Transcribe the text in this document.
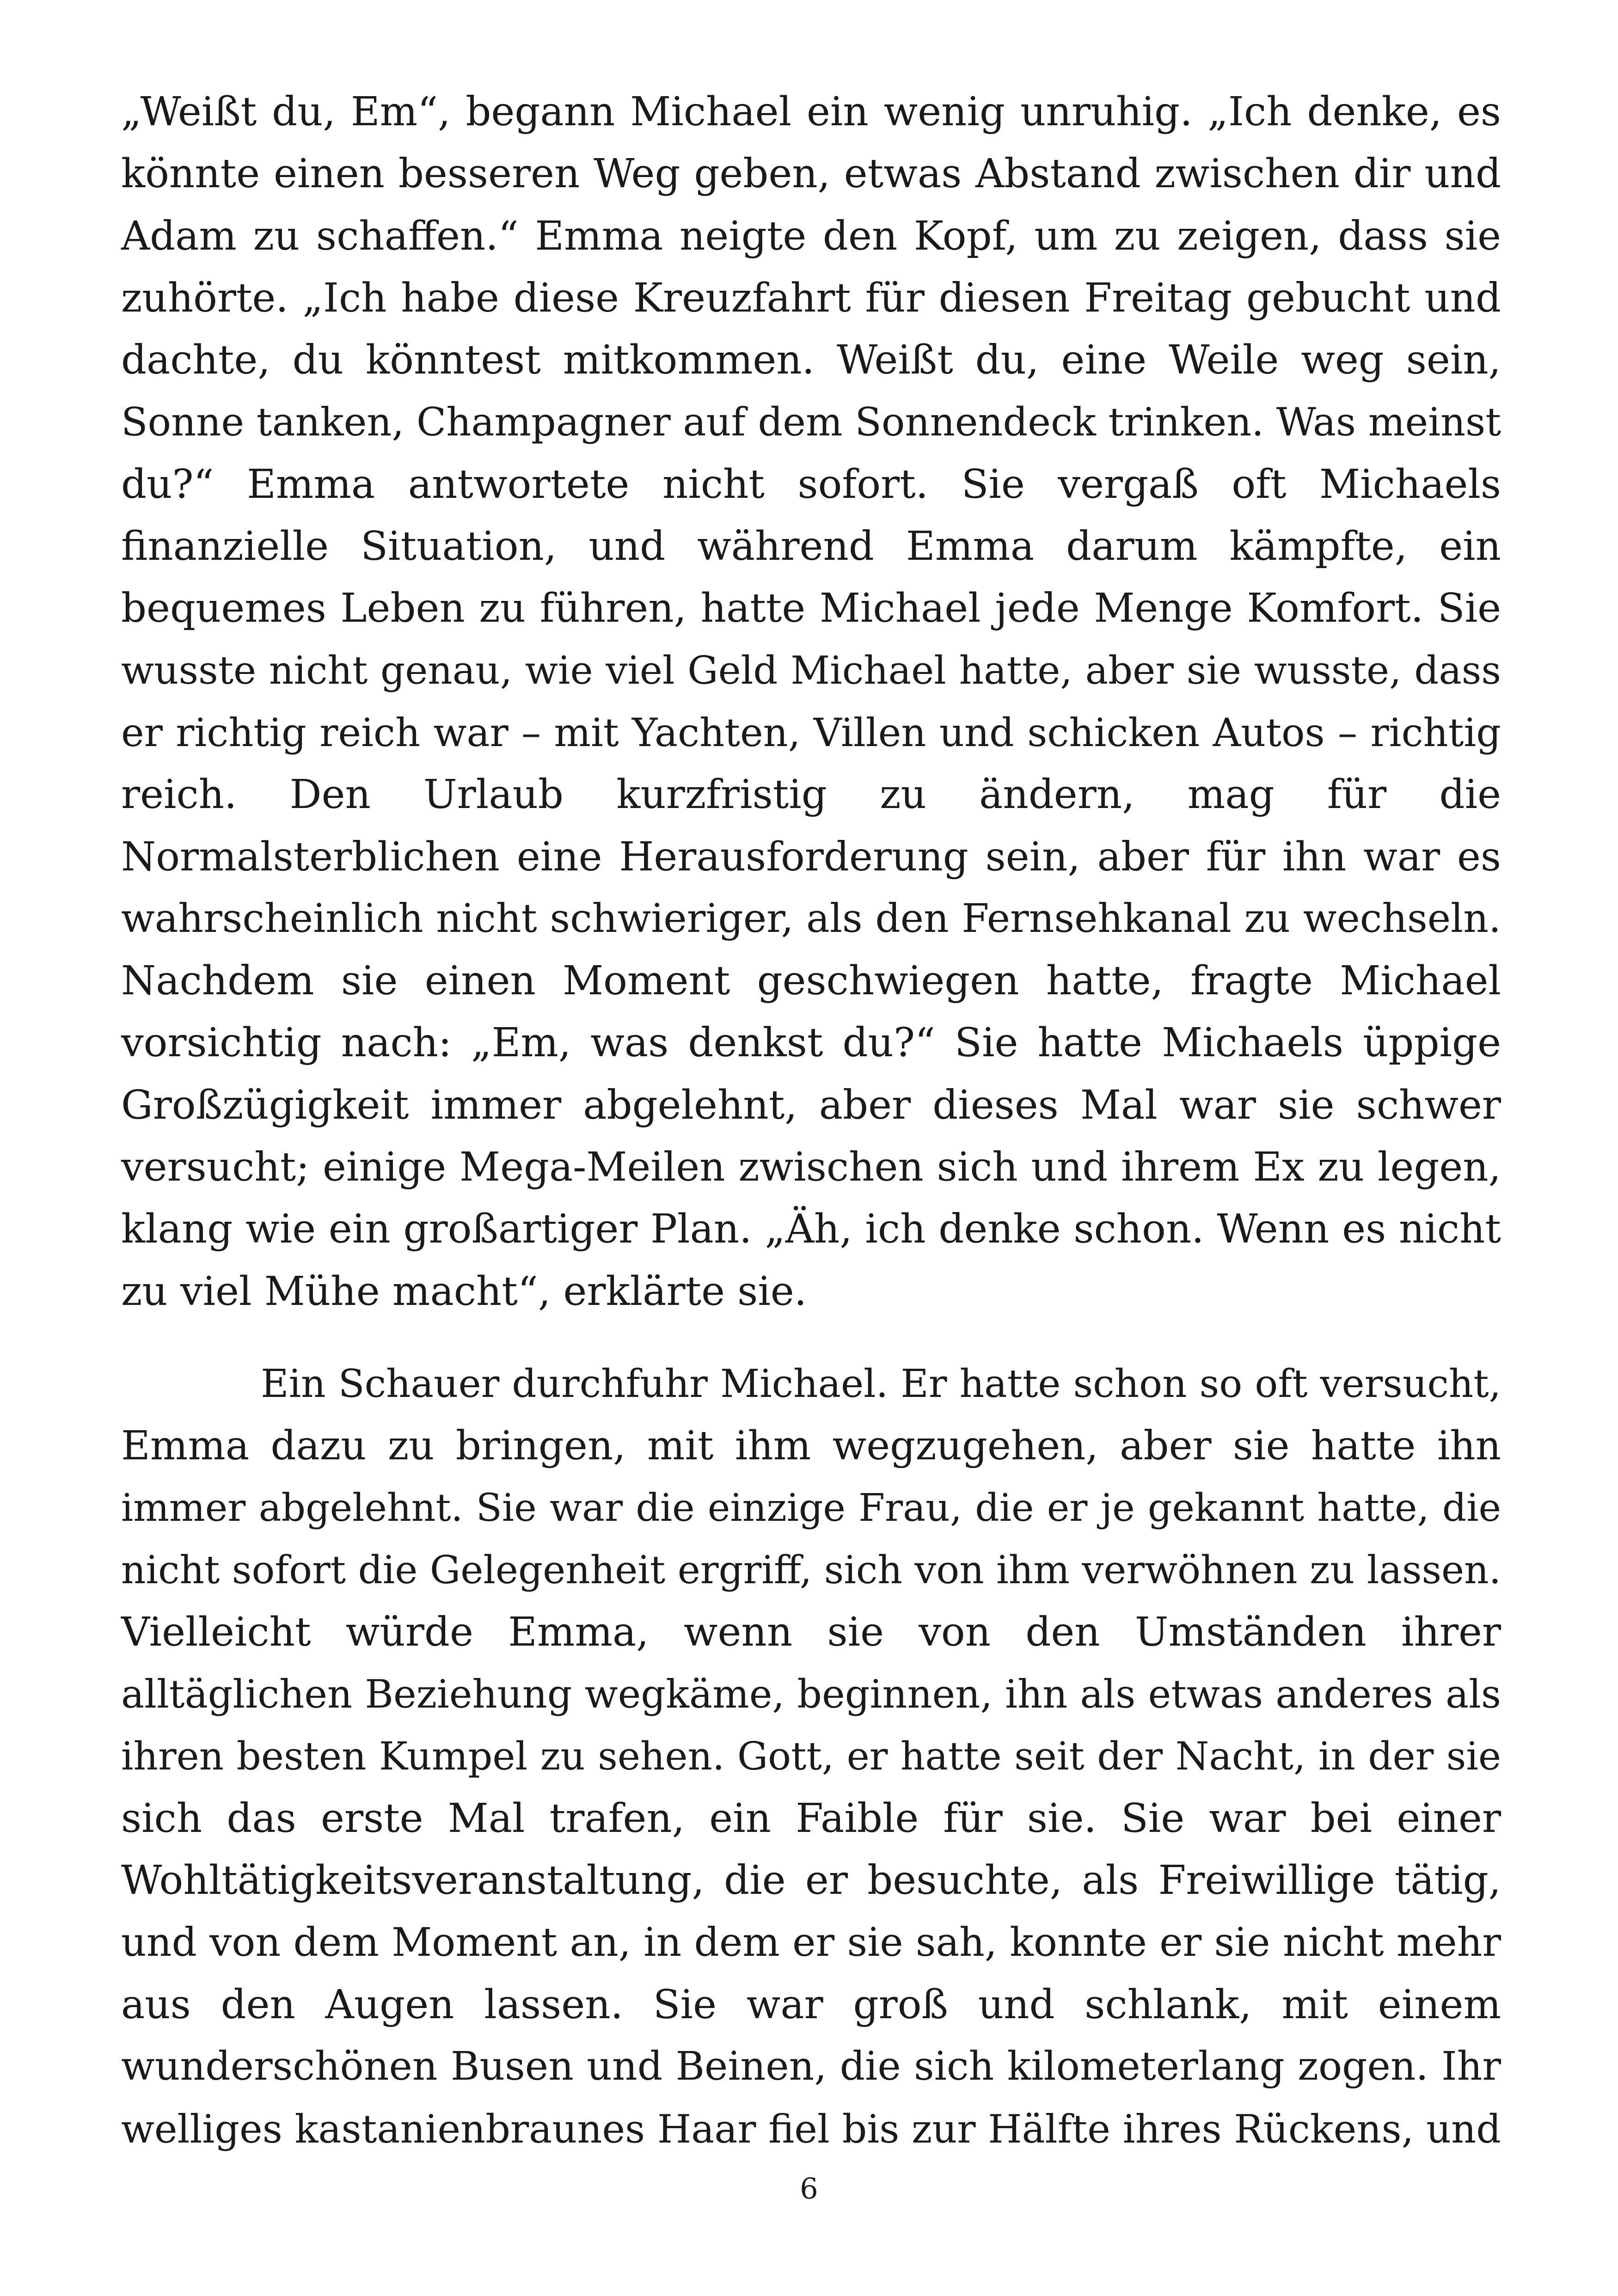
„Weißt du, Em“, begann Michael ein wenig unruhig. „Ich denke, es
könnte einen besseren Weg geben, etwas Abstand zwischen dir und
Adam zu schaffen.“ Emma neigte den Kopf, um zu zeigen, dass sie
zuhörte. „Ich habe diese Kreuzfahrt für diesen Freitag gebucht und
dachte, du könntest mitkommen. Weißt du, eine Weile weg sein,
Sonne tanken, Champagner auf dem Sonnendeck trinken. Was meinst
du?“ Emma antwortete nicht sofort. Sie vergaß oft Michaels
finanzielle Situation, und während Emma darum kämpfte, ein
bequemes Leben zu führen, hatte Michael jede Menge Komfort. Sie
wusste nicht genau, wie viel Geld Michael hatte, aber sie wusste, dass
er richtig reich war – mit Yachten, Villen und schicken Autos – richtig
reich. Den Urlaub kurzfristig zu ändern, mag für die
Normalsterblichen eine Herausforderung sein, aber für ihn war es
wahrscheinlich nicht schwieriger, als den Fernsehkanal zu wechseln.
Nachdem sie einen Moment geschwiegen hatte, fragte Michael
vorsichtig nach: „Em, was denkst du?“ Sie hatte Michaels üppige
Großzügigkeit immer abgelehnt, aber dieses Mal war sie schwer
versucht; einige Mega-Meilen zwischen sich und ihrem Ex zu legen,
klang wie ein großartiger Plan. „Äh, ich denke schon. Wenn es nicht
zu viel Mühe macht“, erklärte sie.
Ein Schauer durchfuhr Michael. Er hatte schon so oft versucht,
Emma dazu zu bringen, mit ihm wegzugehen, aber sie hatte ihn
immer abgelehnt. Sie war die einzige Frau, die er je gekannt hatte, die
nicht sofort die Gelegenheit ergriff, sich von ihm verwöhnen zu lassen.
Vielleicht würde Emma, wenn sie von den Umständen ihrer
alltäglichen Beziehung wegkäme, beginnen, ihn als etwas anderes als
ihren besten Kumpel zu sehen. Gott, er hatte seit der Nacht, in der sie
sich das erste Mal trafen, ein Faible für sie. Sie war bei einer
Wohltätigkeitsveranstaltung, die er besuchte, als Freiwillige tätig,
und von dem Moment an, in dem er sie sah, konnte er sie nicht mehr
aus den Augen lassen. Sie war groß und schlank, mit einem
wunderschönen Busen und Beinen, die sich kilometerlang zogen. Ihr
welliges kastanienbraunes Haar fiel bis zur Hälfte ihres Rückens, und
6
